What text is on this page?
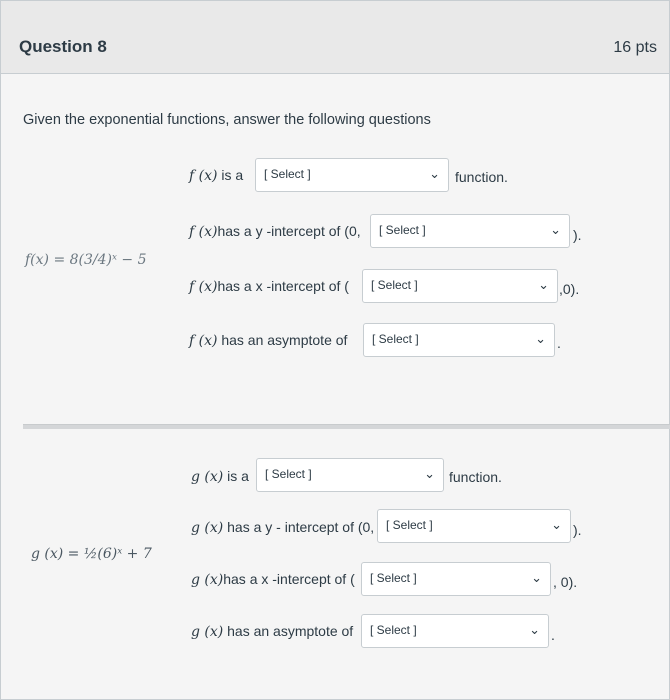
Question 8	16 pts
Given the exponential functions, answer the following questions
f(x) = 8(3/4)ˣ − 5
f (x) is a [ Select ]	⌄ function.
f (x)has a y -intercept of (0, [ Select ]	⌄ ).
f (x)has a x -intercept of ( [ Select ]	⌄ ,0).
f (x) has an asymptote of [ Select ]	⌄ .
g (x) = ½(6)ˣ + 7
g (x) is a [ Select ]	⌄ function.
g (x) has a y - intercept of (0, [ Select ]	⌄ ).
g (x)has a x -intercept of ( [ Select ]	⌄ , 0).
g (x) has an asymptote of [ Select ]	⌄ .
